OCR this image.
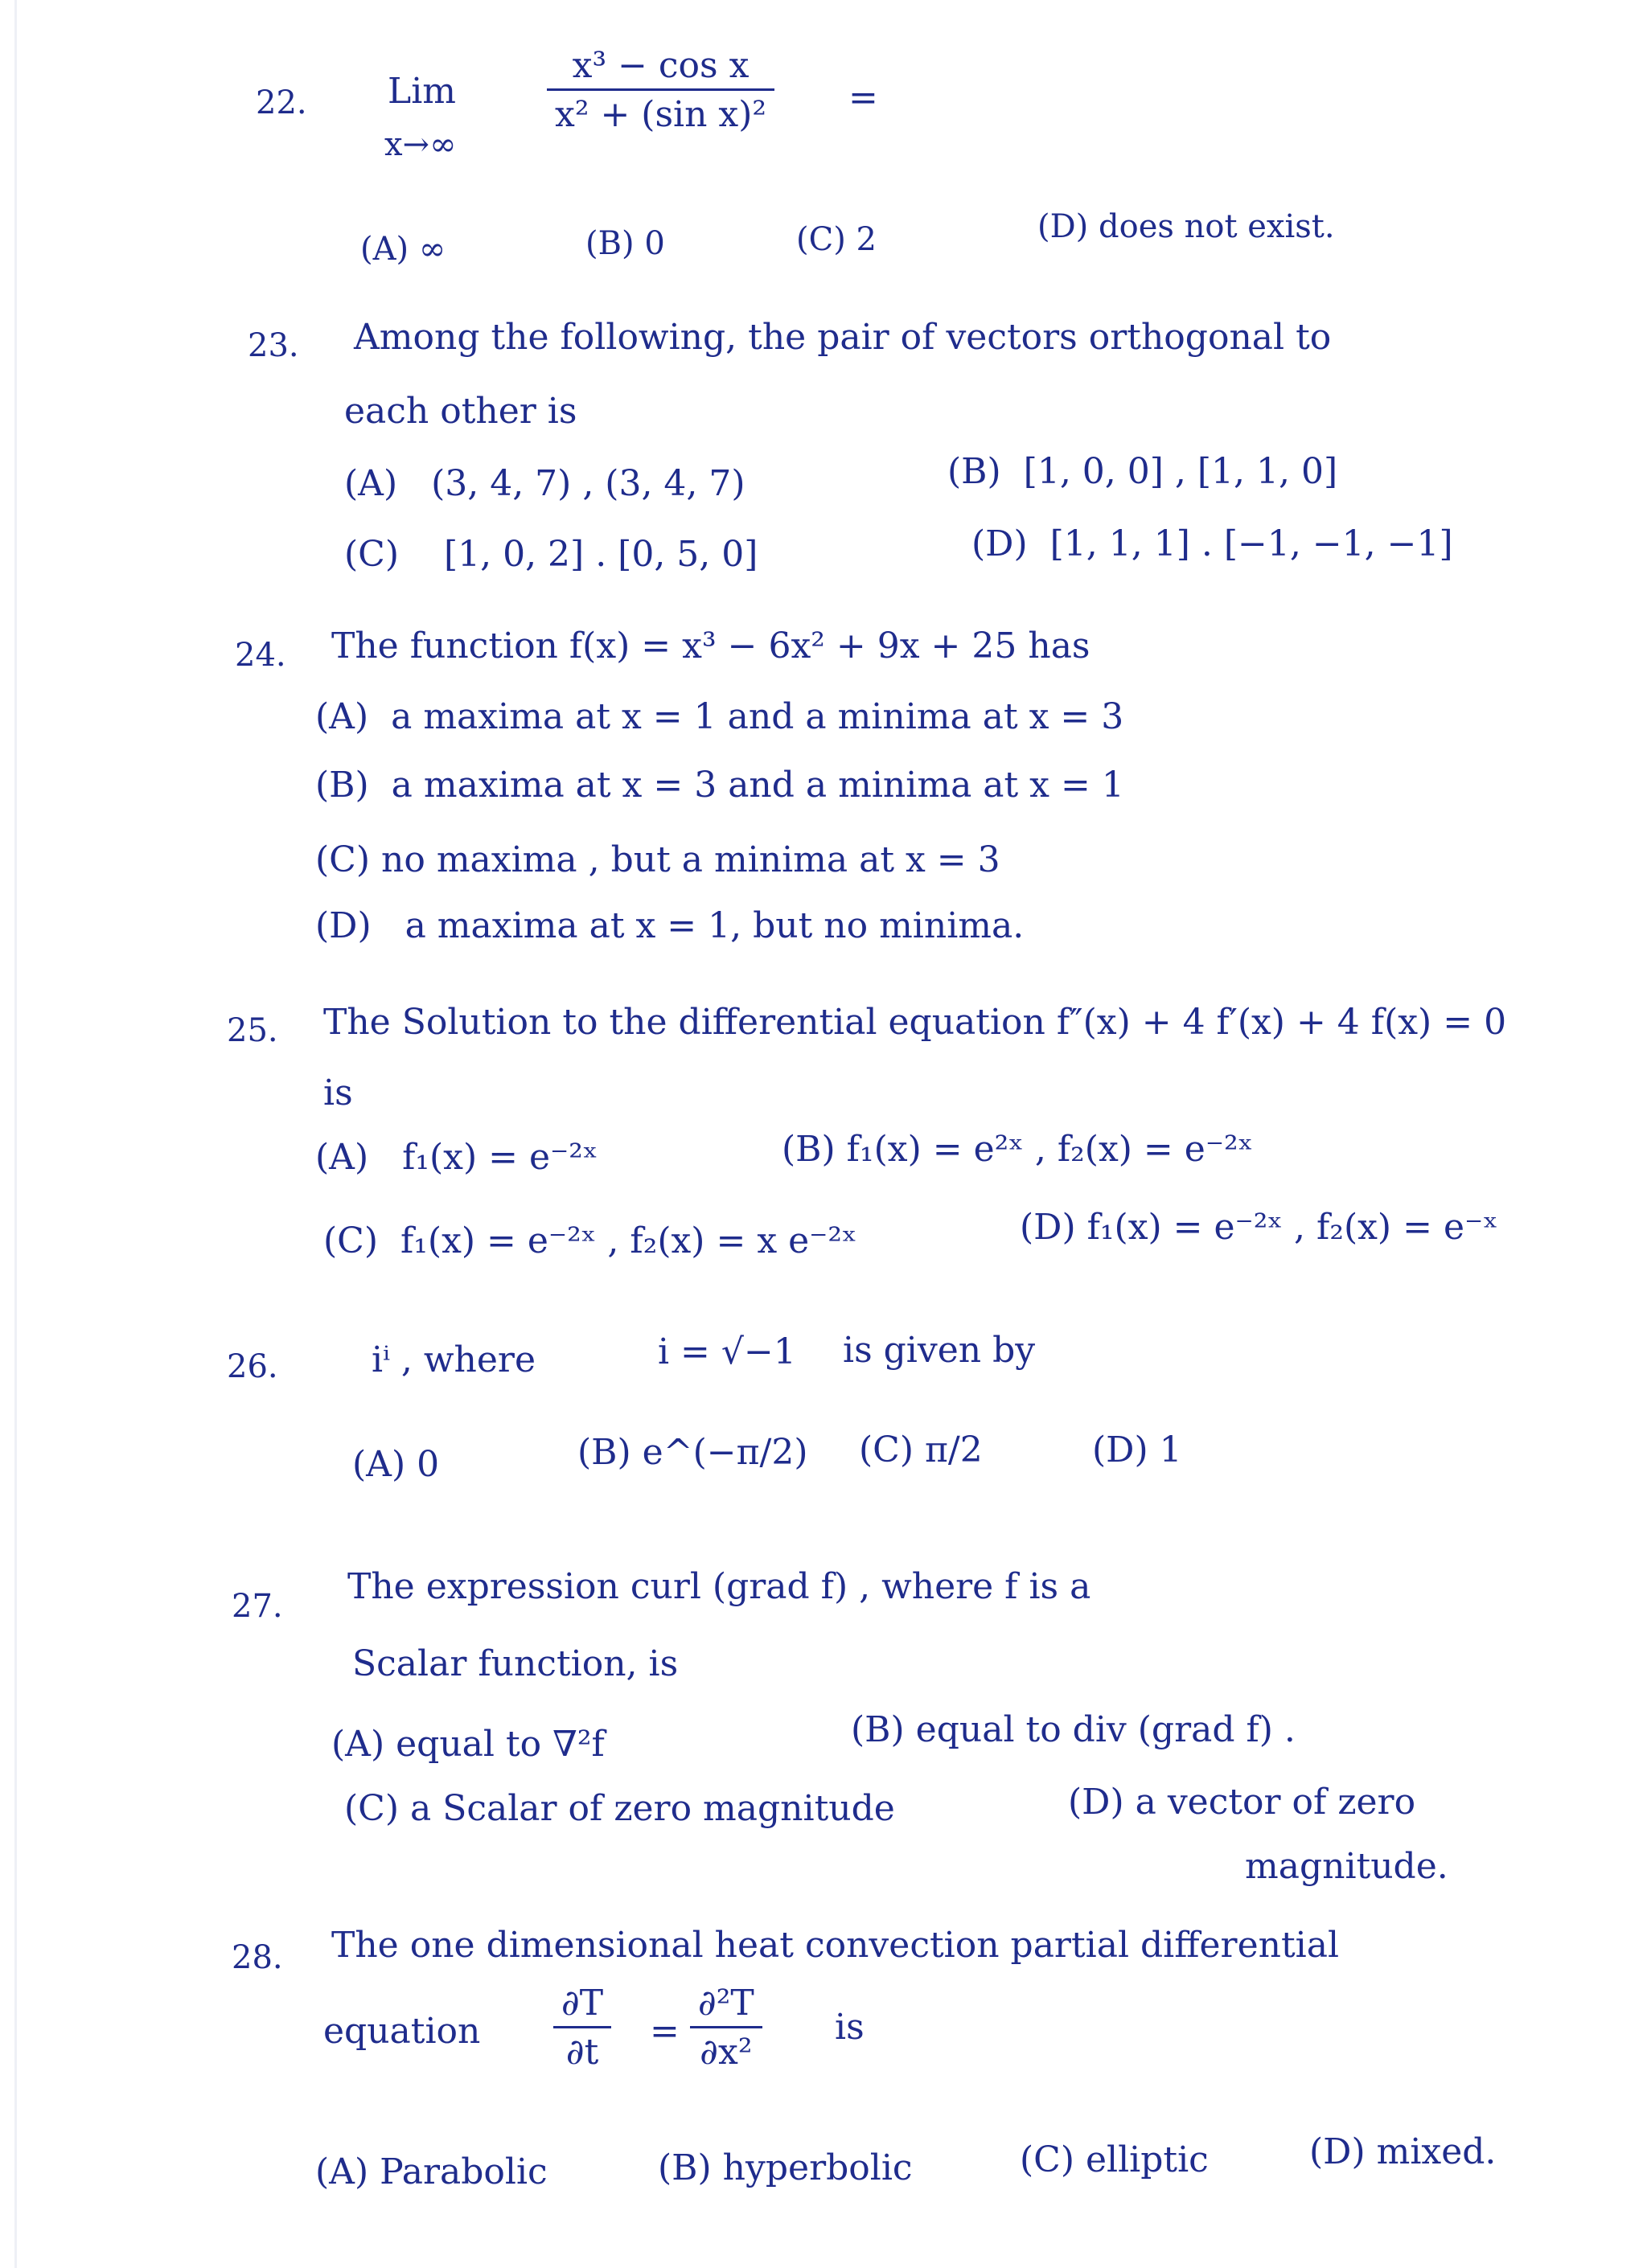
22. Lim
x→∞
$\frac{\text{x³ − cos x}}{\text{x² + (sin x)²}}$ =
(A) ∞	(B) 0	(C) 2	(D) does not exist.
23. Among the following, the pair of vectors orthogonal to
each other is
(A) (3, 4, 7) , (3, 4, 7)	(B) [1, 0, 0] , [1, 1, 0]
(C) [1, 0, 2] . [0, 5, 0]	(D) [1, 1, 1] . [−1, −1, −1]
24. The function f(x) = x³ − 6x² + 9x + 25 has
(A) a maxima at x = 1 and a minima at x = 3
(B) a maxima at x = 3 and a minima at x = 1
(C) no maxima , but a minima at x = 3
(D) a maxima at x = 1, but no minima.
25. The Solution to the differential equation f″(x) + 4 f′(x) + 4 f(x) = 0
is
(A) f₁(x) = e⁻²ˣ	(B) f₁(x) = e²ˣ , f₂(x) = e⁻²ˣ
(C) f₁(x) = e⁻²ˣ , f₂(x) = x e⁻²ˣ	(D) f₁(x) = e⁻²ˣ , f₂(x) = e⁻ˣ
26.	iⁱ , where	i = √−1 is given by
(A) 0	(B) e^(−π/2) (C) π/2	(D) 1
27. The expression curl (grad f) , where f is a
Scalar function, is
(A) equal to ∇²f	(B) equal to div (grad f) .
(C) a Scalar of zero magnitude	(D) a vector of zero
magnitude.
28. The one dimensional heat convection partial differential
equation $\frac{\partial T}{\partial t} = \frac{\text{∂²T}}{\text{∂x²}}$ is
(A) Parabolic	(B) hyperbolic	(C) elliptic	(D) mixed.
